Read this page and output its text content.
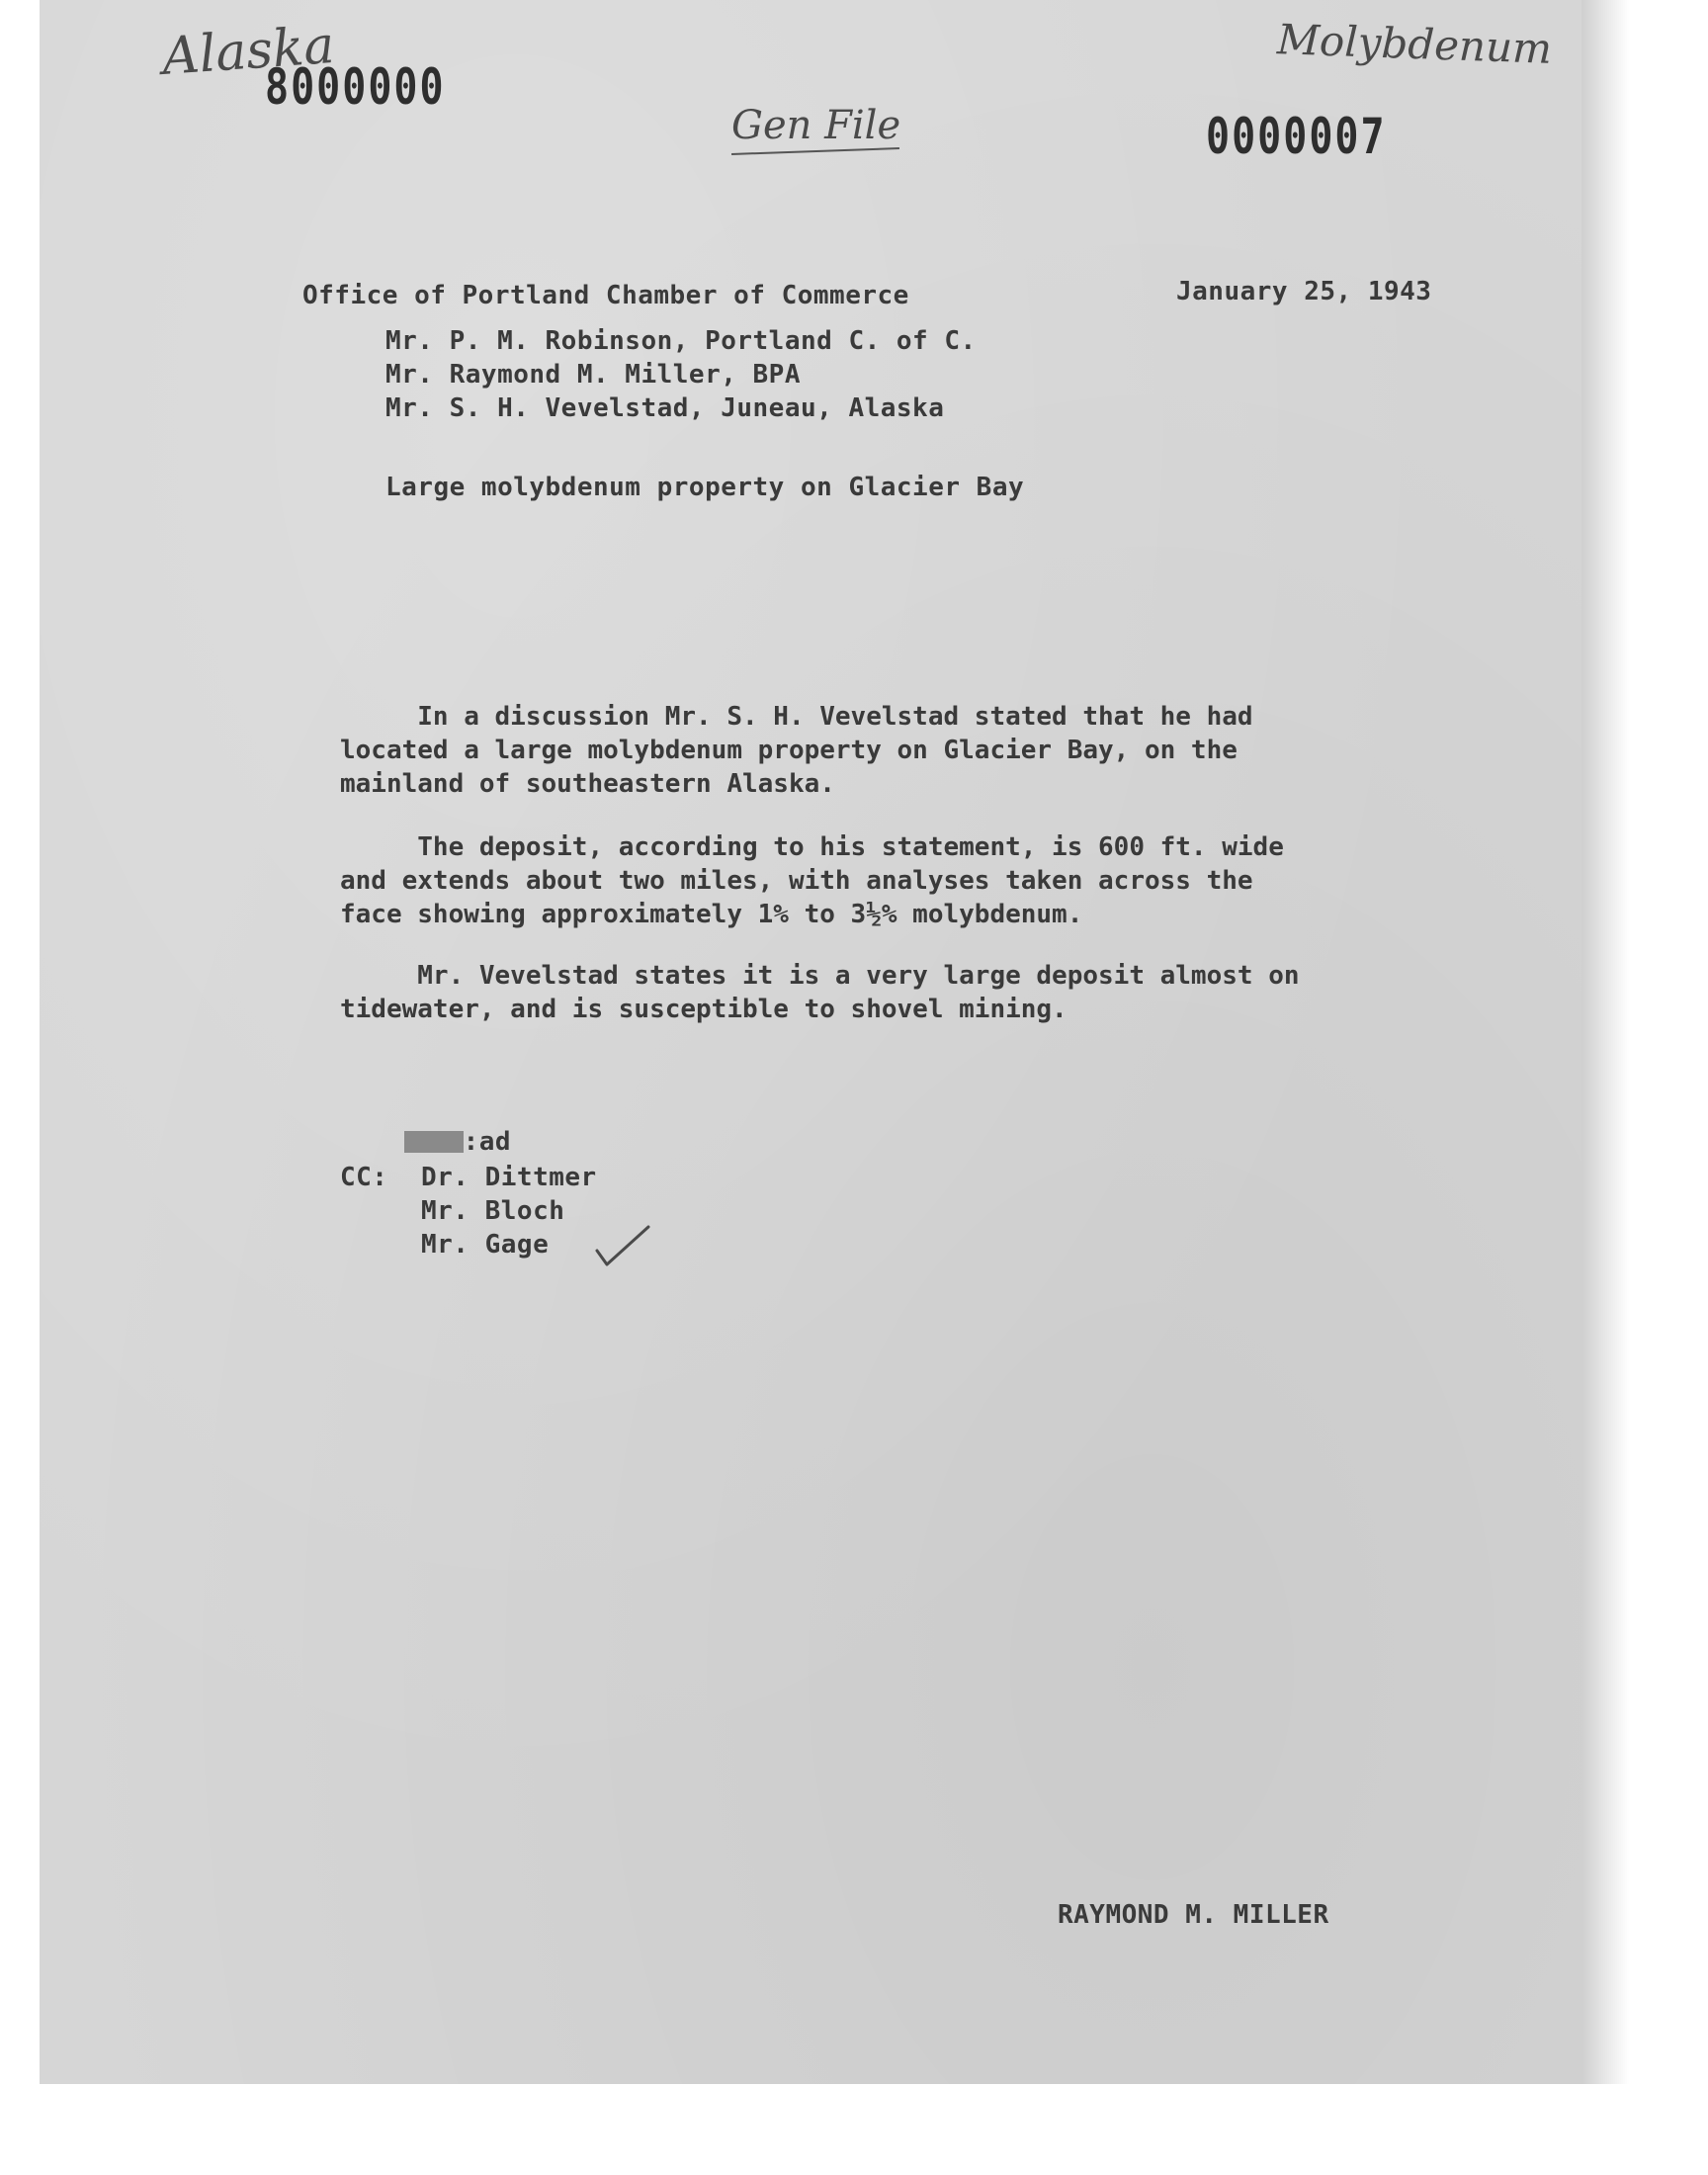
Alaska
8000000
Molybdenum
Gen File	0000007
Office of Portland Chamber of Commerce	January 25, 1943
Mr. P. M. Robinson, Portland C. of C.
Mr. Raymond M. Miller, BPA
Mr. S. H. Vevelstad, Juneau, Alaska
Large molybdenum property on Glacier Bay
In a discussion Mr. S. H. Vevelstad stated that he had
located a large molybdenum property on Glacier Bay, on the
mainland of southeastern Alaska.
The deposit, according to his statement, is 600 ft. wide
and extends about two miles, with analyses taken across the
face showing approximately 1% to 3½% molybdenum.
Mr. Vevelstad states it is a very large deposit almost on
tidewater, and is susceptible to shovel mining.

:ad

CC: Dr. Dittmer
Mr. Bloch
Mr. Gage
RAYMOND M. MILLER
